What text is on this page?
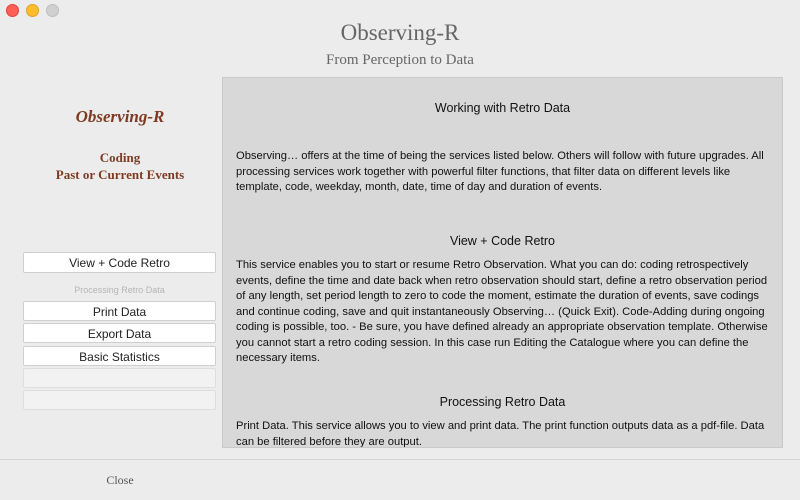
Observing-R
From Perception to Data
Observing-R
Coding
Past or Current Events
View + Code Retro
Processing Retro Data
Print Data
Export Data
Basic Statistics
Working with Retro Data
Observing… offers at the time of being the services listed below. Others will follow with future upgrades. All processing services work together with powerful filter functions, that filter data on different levels like template, code, weekday, month, date, time of day and duration of events.
View + Code Retro
This service enables you to start or resume Retro Observation. What you can do: coding retrospectively events, define the time and date back when retro observation should start, define a retro observation period of any length, set period length to zero to code the moment, estimate the duration of events, save codings and continue coding, save and quit instantaneously Observing… (Quick Exit). Code-Adding during ongoing coding is possible, too. - Be sure, you have defined already an appropriate observation template. Otherwise you cannot start a retro coding session. In this case run Editing the Catalogue where you can define the necessary items.
Processing Retro Data
Print Data. This service allows you to view and print data. The print function outputs data as a pdf-file. Data can be filtered before they are output.
Close
